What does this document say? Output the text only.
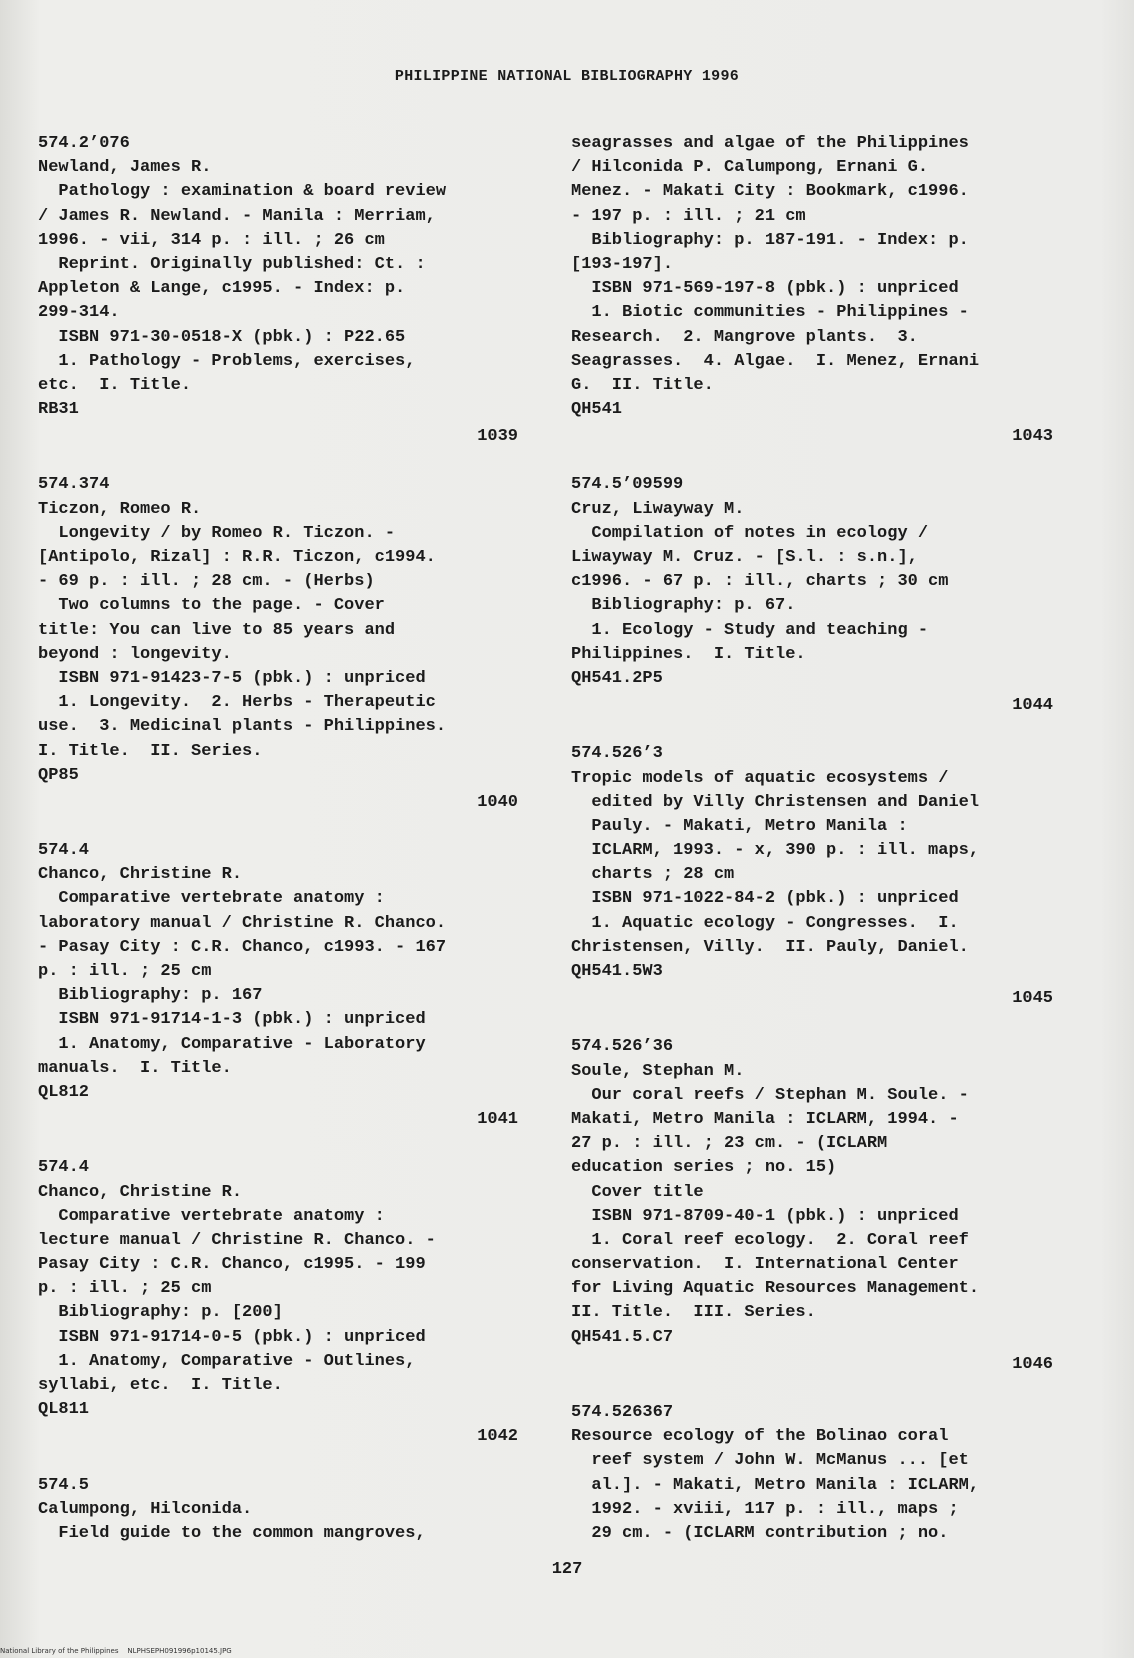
PHILIPPINE NATIONAL BIBLIOGRAPHY 1996
574.2’076
Newland, James R.
Pathology : examination & board review
/ James R. Newland. - Manila : Merriam,
1996. - vii, 314 p. : ill. ; 26 cm
Reprint. Originally published: Ct. :
Appleton & Lange, c1995. - Index: p.
299-314.
ISBN 971-30-0518-X (pbk.) : P22.65
1. Pathology - Problems, exercises,
etc.  I. Title.
RB31
1039
574.374
Ticzon, Romeo R.
Longevity / by Romeo R. Ticzon. -
[Antipolo, Rizal] : R.R. Ticzon, c1994.
- 69 p. : ill. ; 28 cm. - (Herbs)
Two columns to the page. - Cover
title: You can live to 85 years and
beyond : longevity.
ISBN 971-91423-7-5 (pbk.) : unpriced
1. Longevity.  2. Herbs - Therapeutic
use.  3. Medicinal plants - Philippines.
I. Title.  II. Series.
QP85
1040
574.4
Chanco, Christine R.
Comparative vertebrate anatomy :
laboratory manual / Christine R. Chanco.
- Pasay City : C.R. Chanco, c1993. - 167
p. : ill. ; 25 cm
Bibliography: p. 167
ISBN 971-91714-1-3 (pbk.) : unpriced
1. Anatomy, Comparative - Laboratory
manuals.  I. Title.
QL812
1041
574.4
Chanco, Christine R.
Comparative vertebrate anatomy :
lecture manual / Christine R. Chanco. -
Pasay City : C.R. Chanco, c1995. - 199
p. : ill. ; 25 cm
Bibliography: p. [200]
ISBN 971-91714-0-5 (pbk.) : unpriced
1. Anatomy, Comparative - Outlines,
syllabi, etc.  I. Title.
QL811
1042
574.5
Calumpong, Hilconida.
Field guide to the common mangroves,
seagrasses and algae of the Philippines
/ Hilconida P. Calumpong, Ernani G.
Menez. - Makati City : Bookmark, c1996.
- 197 p. : ill. ; 21 cm
Bibliography: p. 187-191. - Index: p.
[193-197].
ISBN 971-569-197-8 (pbk.) : unpriced
1. Biotic communities - Philippines -
Research.  2. Mangrove plants.  3.
Seagrasses.  4. Algae.  I. Menez, Ernani
G.  II. Title.
QH541
1043
574.5’09599
Cruz, Liwayway M.
Compilation of notes in ecology /
Liwayway M. Cruz. - [S.l. : s.n.],
c1996. - 67 p. : ill., charts ; 30 cm
Bibliography: p. 67.
1. Ecology - Study and teaching -
Philippines.  I. Title.
QH541.2P5
1044
574.526’3
Tropic models of aquatic ecosystems /
edited by Villy Christensen and Daniel
Pauly. - Makati, Metro Manila :
ICLARM, 1993. - x, 390 p. : ill. maps,
charts ; 28 cm
ISBN 971-1022-84-2 (pbk.) : unpriced
1. Aquatic ecology - Congresses.  I.
Christensen, Villy.  II. Pauly, Daniel.
QH541.5W3
1045
574.526’36
Soule, Stephan M.
Our coral reefs / Stephan M. Soule. -
Makati, Metro Manila : ICLARM, 1994. -
27 p. : ill. ; 23 cm. - (ICLARM
education series ; no. 15)
Cover title
ISBN 971-8709-40-1 (pbk.) : unpriced
1. Coral reef ecology.  2. Coral reef
conservation.  I. International Center
for Living Aquatic Resources Management.
II. Title.  III. Series.
QH541.5.C7
1046
574.526367
Resource ecology of the Bolinao coral
reef system / John W. McManus ... [et
al.]. - Makati, Metro Manila : ICLARM,
1992. - xviii, 117 p. : ill., maps ;
29 cm. - (ICLARM contribution ; no.
127
National Library of the Philippines    NLPHSEPH091996p10145.JPG
